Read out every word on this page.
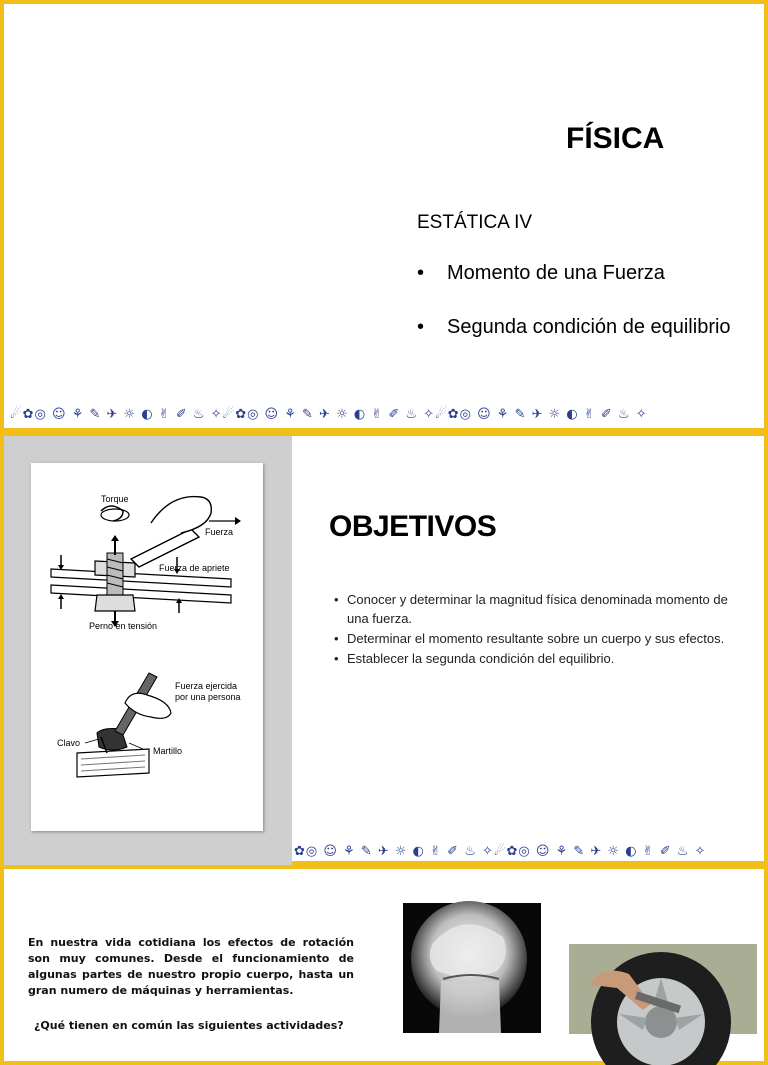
FÍSICA
ESTÁTICA IV
•	Momento de una Fuerza
•	Segunda condición de equilibrio
☄✿◎ ☺ ⚘ ✎ ✈ ☼ ◐ ✌ ✐ ♨ ✧☄✿◎ ☺ ⚘ ✎ ✈ ☼ ◐ ✌ ✐ ♨ ✧☄✿◎ ☺ ⚘ ✎ ✈ ☼ ◐ ✌ ✐ ♨ ✧
Torque
Fuerza
Fuerza de apriete
Perno en tensión
Fuerza ejercida
por una persona
Clavo
Martillo
OBJETIVOS
• Conocer y determinar la magnitud física denominada momento de una fuerza.
• Determinar el momento resultante sobre un cuerpo y sus efectos.
• Establecer la segunda condición del equilibrio.
✿◎ ☺ ⚘ ✎ ✈ ☼ ◐ ✌ ✐ ♨ ✧☄✿◎ ☺ ⚘ ✎ ✈ ☼ ◐ ✌ ✐ ♨ ✧

En nuestra vida cotidiana los efectos de rotación son muy comunes. Desde el funcionamiento de algunas partes de nuestro propio cuerpo, hasta un gran numero de máquinas y herramientas.

¿Qué tienen en común las siguientes actividades?
